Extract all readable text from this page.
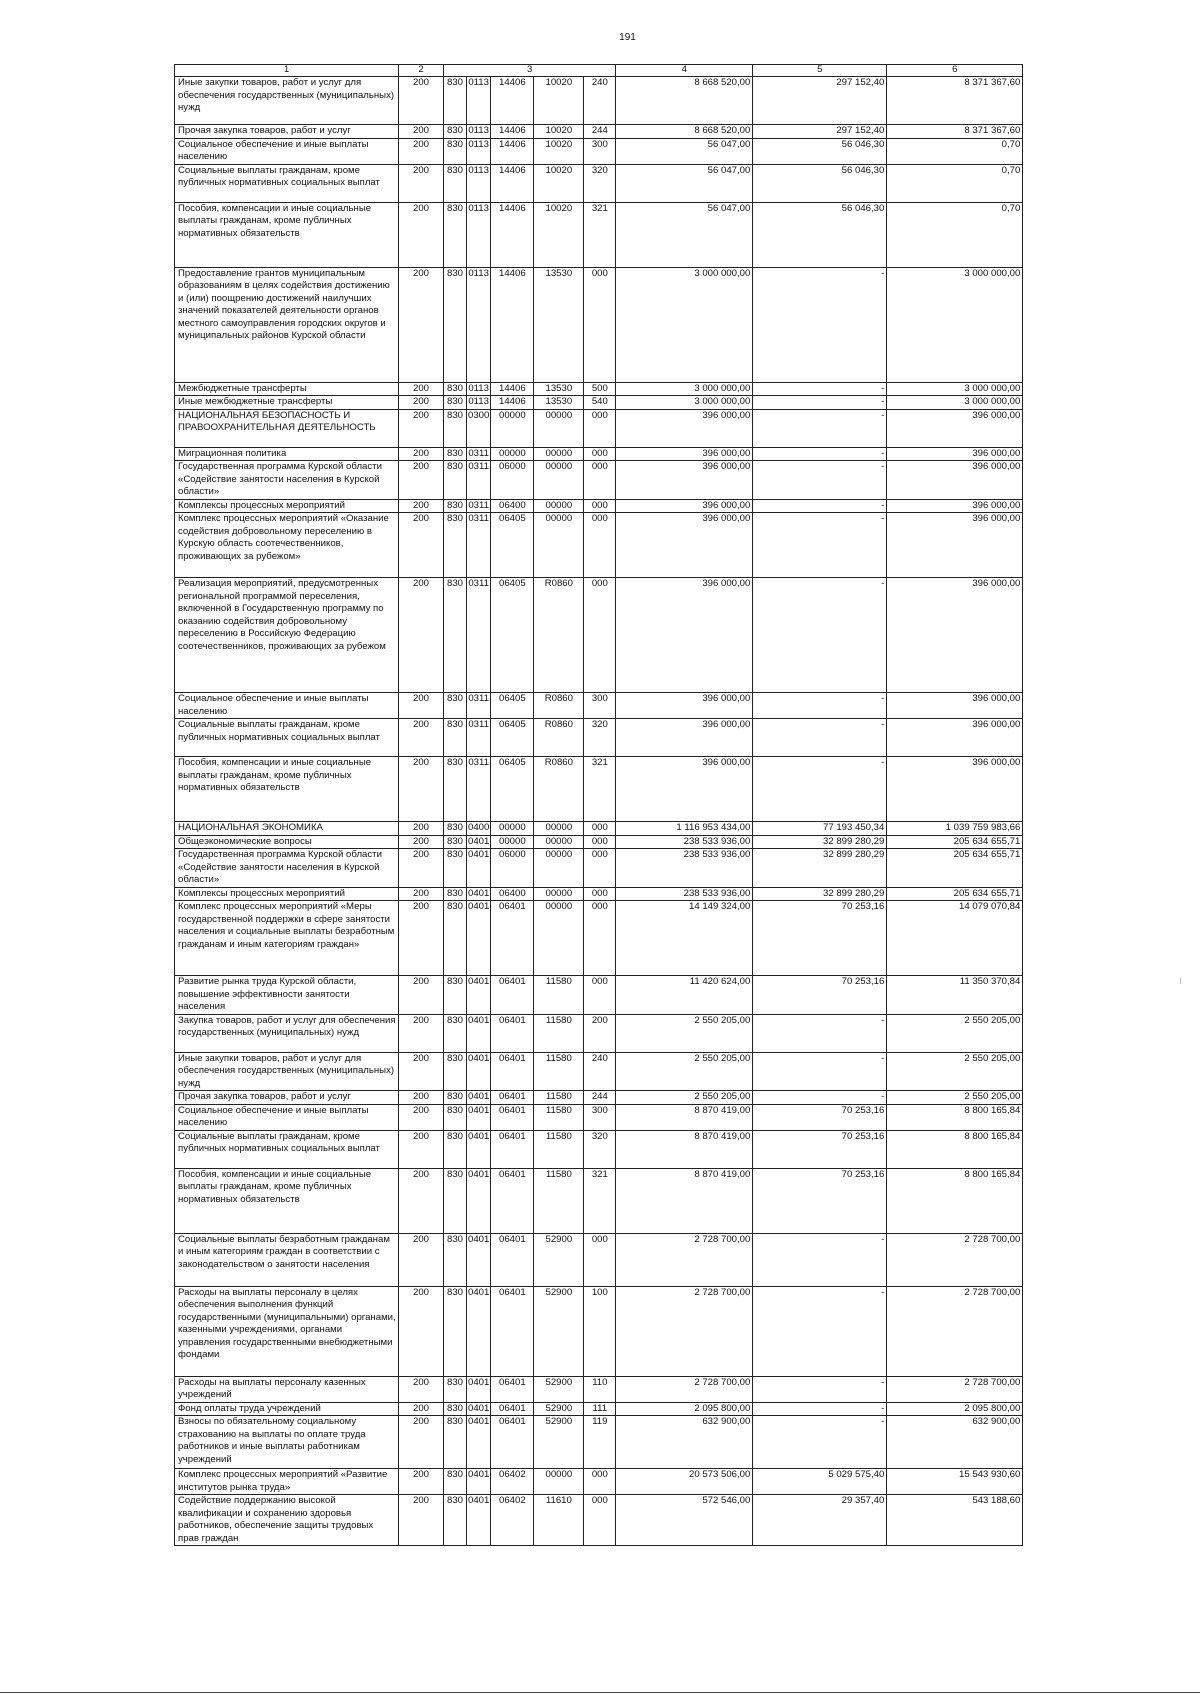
191
1	2	3					4	5	6
Иные закупки товаров, работ и услуг для обеспечения государственных (муниципальных) нужд	200	830	0113	14406	10020	240	8 668 520,00	297 152,40	8 371 367,60
Прочая закупка товаров, работ и услуг	200	830	0113	14406	10020	244	8 668 520,00	297 152,40	8 371 367,60
Социальное обеспечение и иные выплаты населению	200	830	0113	14406	10020	300	56 047,00	56 046,30	0,70
Социальные выплаты гражданам, кроме публичных нормативных социальных выплат	200	830	0113	14406	10020	320	56 047,00	56 046,30	0,70
Пособия, компенсации и иные социальные выплаты гражданам, кроме публичных нормативных обязательств	200	830	0113	14406	10020	321	56 047,00	56 046,30	0,70
Предоставление грантов муниципальным образованиям в целях содействия достижению и (или) поощрению достижений наилучших значений показателей деятельности органов местного самоуправления городских округов и муниципальных районов Курской области	200	830	0113	14406	13530	000	3 000 000,00	-	3 000 000,00
Межбюджетные трансферты	200	830	0113	14406	13530	500	3 000 000,00	-	3 000 000,00
Иные межбюджетные трансферты	200	830	0113	14406	13530	540	3 000 000,00	-	3 000 000,00
НАЦИОНАЛЬНАЯ БЕЗОПАСНОСТЬ И ПРАВООХРАНИТЕЛЬНАЯ ДЕЯТЕЛЬНОСТЬ	200	830	0300	00000	00000	000	396 000,00	-	396 000,00
Миграционная политика	200	830	0311	00000	00000	000	396 000,00	-	396 000,00
Государственная программа Курской области «Содействие занятости населения в Курской области»	200	830	0311	06000	00000	000	396 000,00	-	396 000,00
Комплексы процессных мероприятий	200	830	0311	06400	00000	000	396 000,00	-	396 000,00
Комплекс процессных мероприятий «Оказание содействия добровольному переселению в Курскую область соотечественников, проживающих за рубежом»	200	830	0311	06405	00000	000	396 000,00	-	396 000,00
Реализация мероприятий, предусмотренных региональной программой переселения, включенной в Государственную программу по оказанию содействия добровольному переселению в Российскую Федерацию соотечественников, проживающих за рубежом	200	830	0311	06405	R0860	000	396 000,00	-	396 000,00
Социальное обеспечение и иные выплаты населению	200	830	0311	06405	R0860	300	396 000,00	-	396 000,00
Социальные выплаты гражданам, кроме публичных нормативных социальных выплат	200	830	0311	06405	R0860	320	396 000,00	-	396 000,00
Пособия, компенсации и иные социальные выплаты гражданам, кроме публичных нормативных обязательств	200	830	0311	06405	R0860	321	396 000,00	-	396 000,00
НАЦИОНАЛЬНАЯ ЭКОНОМИКА	200	830	0400	00000	00000	000	1 116 953 434,00	77 193 450,34	1 039 759 983,66
Общеэкономические вопросы	200	830	0401	00000	00000	000	238 533 936,00	32 899 280,29	205 634 655,71
Государственная программа Курской области «Содействие занятости населения в Курской области»	200	830	0401	06000	00000	000	238 533 936,00	32 899 280,29	205 634 655,71
Комплексы процессных мероприятий	200	830	0401	06400	00000	000	238 533 936,00	32 899 280,29	205 634 655,71
Комплекс процессных мероприятий «Меры государственной поддержки в сфере занятости населения и социальные выплаты безработным гражданам и иным категориям граждан»	200	830	0401	06401	00000	000	14 149 324,00	70 253,16	14 079 070,84
Развитие рынка труда Курской области, повышение эффективности занятости населения	200	830	0401	06401	11580	000	11 420 624,00	70 253,16	11 350 370,84
Закупка товаров, работ и услуг для обеспечения государственных (муниципальных) нужд	200	830	0401	06401	11580	200	2 550 205,00	-	2 550 205,00
Иные закупки товаров, работ и услуг для обеспечения государственных (муниципальных) нужд	200	830	0401	06401	11580	240	2 550 205,00	-	2 550 205,00
Прочая закупка товаров, работ и услуг	200	830	0401	06401	11580	244	2 550 205,00	-	2 550 205,00
Социальное обеспечение и иные выплаты населению	200	830	0401	06401	11580	300	8 870 419,00	70 253,16	8 800 165,84
Социальные выплаты гражданам, кроме публичных нормативных социальных выплат	200	830	0401	06401	11580	320	8 870 419,00	70 253,16	8 800 165,84
Пособия, компенсации и иные социальные выплаты гражданам, кроме публичных нормативных обязательств	200	830	0401	06401	11580	321	8 870 419,00	70 253,16	8 800 165,84
Социальные выплаты безработным гражданам и иным категориям граждан в соответствии с законодательством о занятости населения	200	830	0401	06401	52900	000	2 728 700,00	-	2 728 700,00
Расходы на выплаты персоналу в целях обеспечения выполнения функций государственными (муниципальными) органами, казенными учреждениями, органами управления государственными внебюджетными фондами	200	830	0401	06401	52900	100	2 728 700,00	-	2 728 700,00
Расходы на выплаты персоналу казенных учреждений	200	830	0401	06401	52900	110	2 728 700,00	-	2 728 700,00
Фонд оплаты труда учреждений	200	830	0401	06401	52900	111	2 095 800,00	-	2 095 800,00
Взносы по обязательному социальному страхованию на выплаты по оплате труда работников и иные выплаты работникам учреждений	200	830	0401	06401	52900	119	632 900,00	-	632 900,00
Комплекс процессных мероприятий «Развитие институтов рынка труда»	200	830	0401	06402	00000	000	20 573 506,00	5 029 575,40	15 543 930,60
Содействие поддержанию высокой квалификации и сохранению здоровья работников, обеспечение защиты трудовых прав граждан	200	830	0401	06402	11610	000	572 546,00	29 357,40	543 188,60
